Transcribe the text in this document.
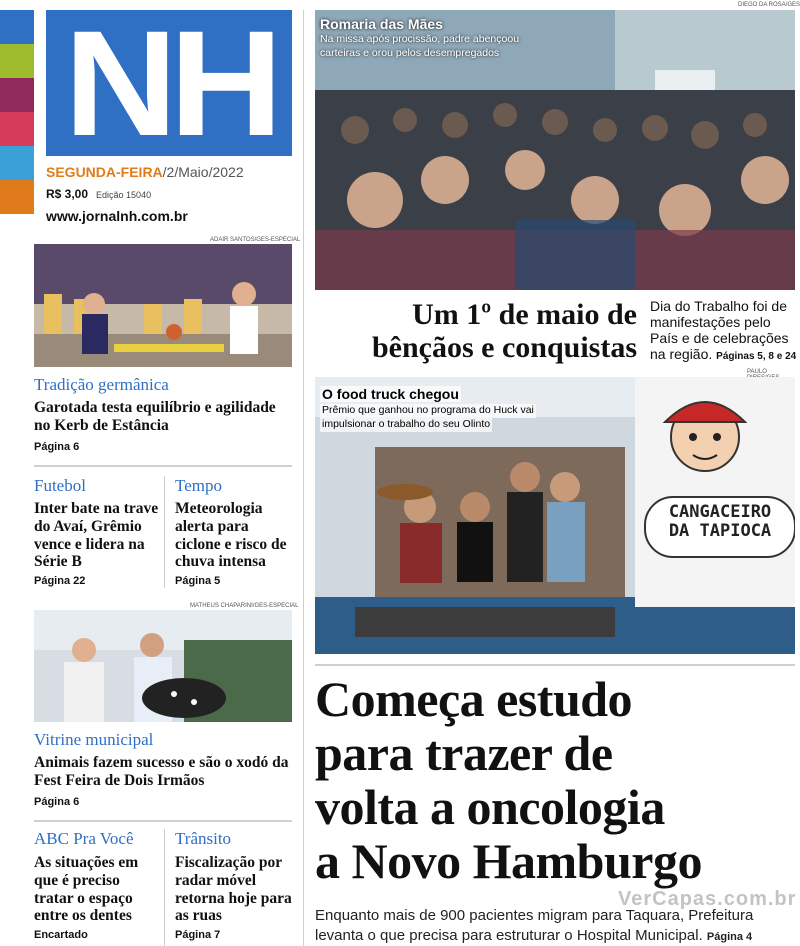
NH
SEGUNDA-FEIRA/2/Maio/2022
R$ 3,00 Edição 15040
www.jornalnh.com.br
DIEGO DA ROSA/GES
Romaria das Mães
Na missa após procissão, padre abençoou
carteiras e orou pelos desempregados
Um 1º de maio de
bênçãos e conquistas
Dia do Trabalho foi de manifestações pelo País e de celebrações na região. Páginas 5, 8 e 24
PAULO
O food truck chegou
Prêmio que ganhou no programa do Huck vai
impulsionar o trabalho do seu Olinto
CANGACEIRO
DA TAPIOCA
Começa estudo
para trazer de
volta a oncologia
a Novo Hamburgo
Enquanto mais de 900 pacientes migram para Taquara, Prefeitura levanta o que precisa para estruturar o Hospital Municipal. Página 4
VerCapas.com.br
ADAIR SANTOS/GES-ESPECIAL
Tradição germânica
Garotada testa equilíbrio e agilidade no Kerb de Estância
Página 6
Futebol
Inter bate na trave do Avaí, Grêmio vence e lidera na Série B
Página 22
Tempo
Meteorologia alerta para ciclone e risco de chuva intensa
Página 5
MATHEUS CHAPARINI/GES-ESPECIAL
Vitrine municipal
Animais fazem sucesso e são o xodó da Fest Feira de Dois Irmãos
Página 6
ABC Pra Você
As situações em que é preciso tratar o espaço entre os dentes
Encartado
Trânsito
Fiscalização por radar móvel retorna hoje para as ruas
Página 7
